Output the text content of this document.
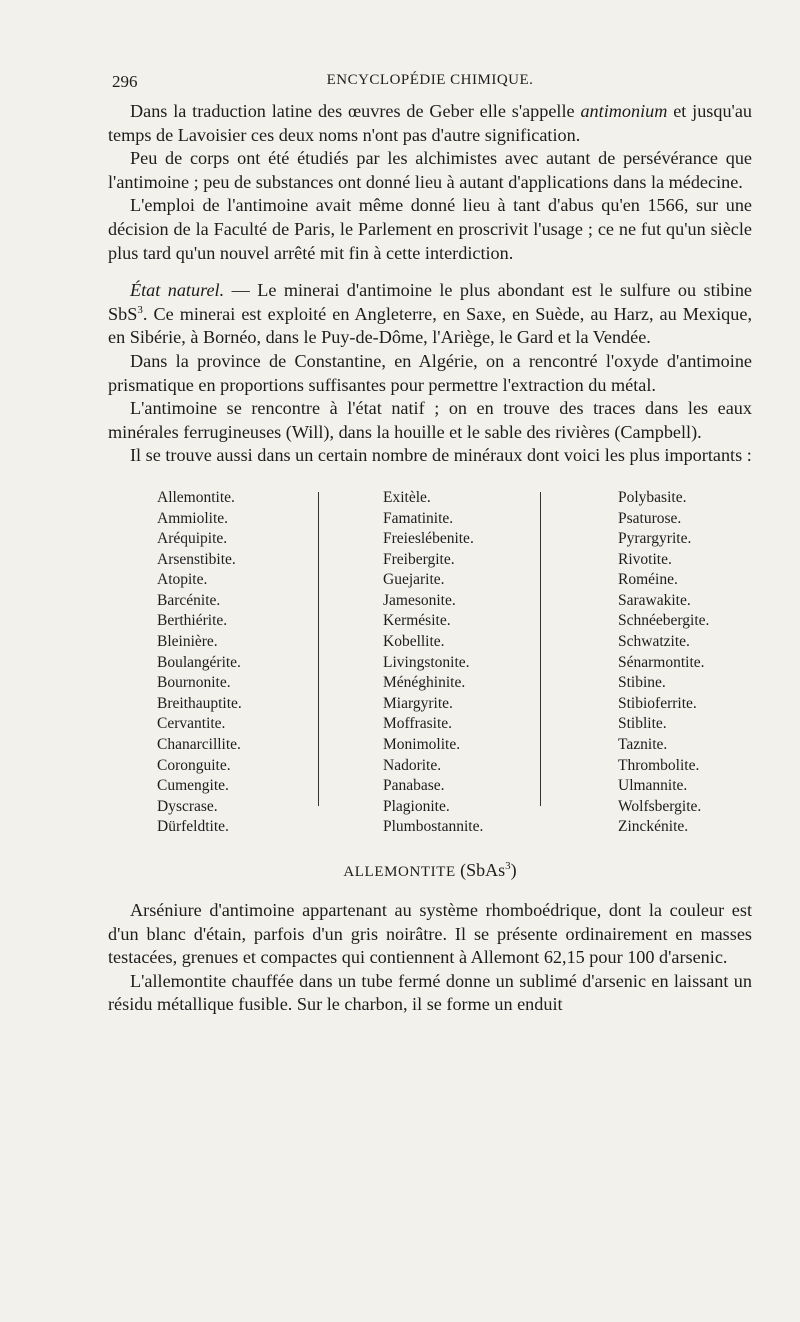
296	ENCYCLOPÉDIE CHIMIQUE.

Dans la traduction latine des œuvres de Geber elle s'appelle antimonium et jusqu'au temps de Lavoisier ces deux noms n'ont pas d'autre signification.

Peu de corps ont été étudiés par les alchimistes avec autant de persévérance que l'antimoine ; peu de substances ont donné lieu à autant d'applications dans la médecine.

L'emploi de l'antimoine avait même donné lieu à tant d'abus qu'en 1566, sur une décision de la Faculté de Paris, le Parlement en proscrivit l'usage ; ce ne fut qu'un siècle plus tard qu'un nouvel arrêté mit fin à cette interdiction.

État naturel. — Le minerai d'antimoine le plus abondant est le sulfure ou stibine SbS$^3$. Ce minerai est exploité en Angleterre, en Saxe, en Suède, au Harz, au Mexique, en Sibérie, à Bornéo, dans le Puy-de-Dôme, l'Ariège, le Gard et la Vendée.

Dans la province de Constantine, en Algérie, on a rencontré l'oxyde d'antimoine prismatique en proportions suffisantes pour permettre l'extraction du métal.

L'antimoine se rencontre à l'état natif ; on en trouve des traces dans les eaux minérales ferrugineuses (Will), dans la houille et le sable des rivières (Campbell).

Il se trouve aussi dans un certain nombre de minéraux dont voici les plus importants :

Allemontite.
Ammiolite.
Aréquipite.
Arsenstibite.
Atopite.
Barcénite.
Berthiérite.
Bleinière.
Boulangérite.
Bournonite.
Breithauptite.
Cervantite.
Chanarcillite.
Coronguite.
Cumengite.
Dyscrase.
Dürfeldtite.
Exitèle.
Famatinite.
Freieslébenite.
Freibergite.
Guejarite.
Jamesonite.
Kermésite.
Kobellite.
Livingstonite.
Ménéghinite.
Miargyrite.
Moffrasite.
Monimolite.
Nadorite.
Panabase.
Plagionite.
Plumbostannite.
Polybasite.
Psaturose.
Pyrargyrite.
Rivotite.
Roméine.
Sarawakite.
Schnéebergite.
Schwatzite.
Sénarmontite.
Stibine.
Stibioferrite.
Stiblite.
Taznite.
Thrombolite.
Ulmannite.
Wolfsbergite.
Zinckénite.
ALLEMONTITE (SbAs$^3$)

Arséniure d'antimoine appartenant au système rhomboédrique, dont la couleur est d'un blanc d'étain, parfois d'un gris noirâtre. Il se présente ordinairement en masses testacées, grenues et compactes qui contiennent à Allemont 62,15 pour 100 d'arsenic.

L'allemontite chauffée dans un tube fermé donne un sublimé d'arsenic en laissant un résidu métallique fusible. Sur le charbon, il se forme un enduit
